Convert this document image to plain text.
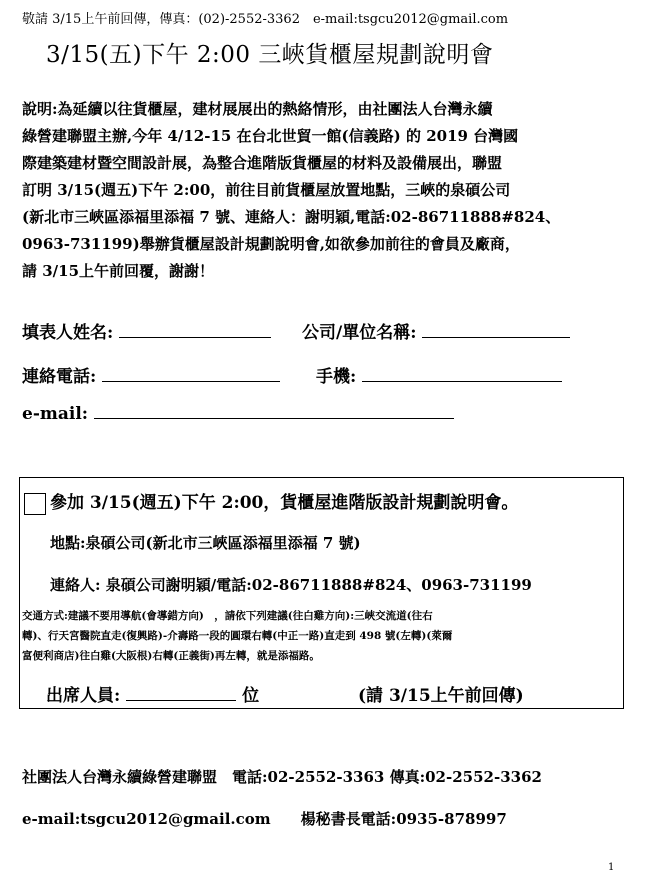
敬請 3/15上午前回傳，傳真：(02)-2552-3362　e-mail:tsgcu2012@gmail.com
3/15(五)下午 2:00 三峽貨櫃屋規劃說明會
說明:為延續以往貨櫃屋，建材展展出的熱絡情形，由社團法人台灣永續
綠營建聯盟主辦,今年 4/12-15 在台北世貿一館(信義路) 的 2019 台灣國
際建築建材暨空間設計展，為整合進階版貨櫃屋的材料及設備展出，聯盟
訂明 3/15(週五)下午 2:00，前往目前貨櫃屋放置地點，三峽的泉碩公司
(新北市三峽區添福里添福 7 號、連絡人：謝明穎,電話:02-86711888#824、
0963-731199)舉辦貨櫃屋設計規劃說明會,如欲參加前往的會員及廠商，
請 3/15上午前回覆，謝謝！
填表人姓名:	公司/單位名稱:
連絡電話:	手機:
e-mail:
參加 3/15(週五)下午 2:00，貨櫃屋進階版設計規劃說明會。
地點:泉碩公司(新北市三峽區添福里添福 7 號)
連絡人: 泉碩公司謝明穎/電話:02-86711888#824、0963-731199
交通方式:建議不要用導航(會導錯方向)　，請依下列建議(往白雞方向):三峽交流道(往右
轉)、行天宮醫院直走(復興路)-介壽路一段的圓環右轉(中正一路)直走到 498 號(左轉)(萊爾
富便利商店)往白雞(大阪根)右轉(正義街)再左轉，就是添福路。
出席人員:	位	(請 3/15上午前回傳)
社團法人台灣永續綠營建聯盟　電話:02-2552-3363 傳真:02-2552-3362
e-mail:tsgcu2012@gmail.com　　楊秘書長電話:0935-878997
1
